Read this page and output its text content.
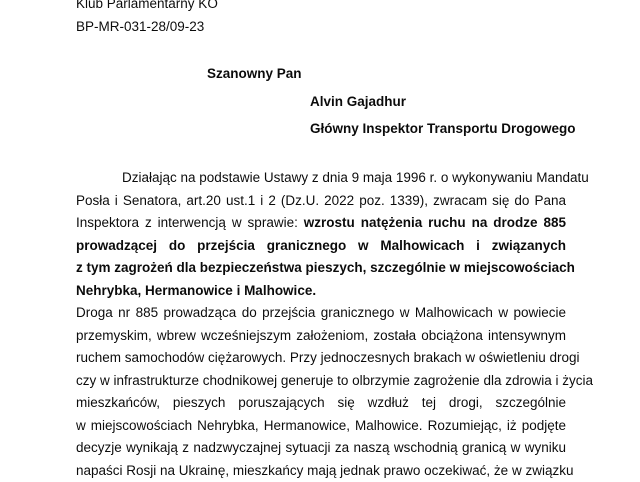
Klub Parlamentarny KO
BP-MR-031-28/09-23
Szanowny Pan
Alvin Gajadhur
Główny Inspektor Transportu Drogowego
Działając na podstawie Ustawy z dnia 9 maja 1996 r. o wykonywaniu Mandatu
Posła i Senatora, art.20 ust.1 i 2 (Dz.U. 2022 poz. 1339), zwracam się do Pana
Inspektora z interwencją w sprawie: wzrostu natężenia ruchu na drodze 885
prowadzącej do przejścia granicznego w Malhowicach i związanych
z tym zagrożeń dla bezpieczeństwa pieszych, szczególnie w miejscowościach
Nehrybka, Hermanowice i Malhowice.
Droga nr 885 prowadząca do przejścia granicznego w Malhowicach w powiecie
przemyskim, wbrew wcześniejszym założeniom, została obciążona intensywnym
ruchem samochodów ciężarowych. Przy jednoczesnych brakach w oświetleniu drogi
czy w infrastrukturze chodnikowej generuje to olbrzymie zagrożenie dla zdrowia i życia
mieszkańców, pieszych poruszających się wzdłuż tej drogi, szczególnie
w miejscowościach Nehrybka, Hermanowice, Malhowice. Rozumiejąc, iż podjęte
decyzje wynikają z nadzwyczajnej sytuacji za naszą wschodnią granicą w wyniku
napaści Rosji na Ukrainę, mieszkańcy mają jednak prawo oczekiwać, że w związku
